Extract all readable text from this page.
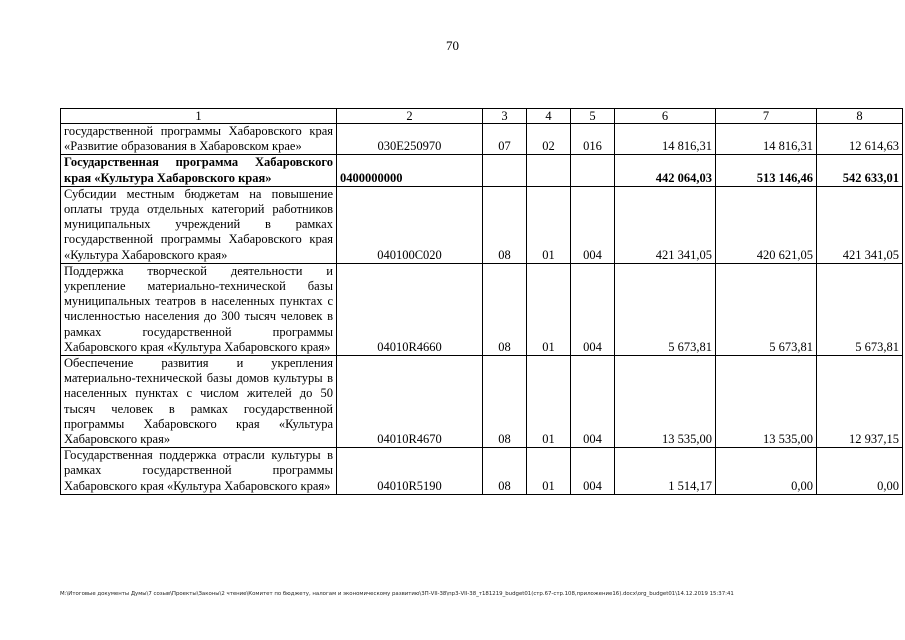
70
1	2	3	4	5	6	7	8
государственной программы Хабаровского края «Развитие образования в Хабаровском крае»	030E250970	07	02	016	14 816,31	14 816,31	12 614,63
Государственная программа Хабаровского края «Культура Хабаровского края»	0400000000				442 064,03	513 146,46	542 633,01
Субсидии местным бюджетам на повышение оплаты труда отдельных категорий работников муниципальных учреждений в рамках государственной программы Хабаровского края «Культура Хабаровского края»	040100C020	08	01	004	421 341,05	420 621,05	421 341,05
Поддержка творческой деятельности и укрепление материально-технической базы муниципальных театров в населенных пунктах с численностью населения до 300 тысяч человек в рамках государственной программы Хабаровского края «Культура Хабаровского края»	04010R4660	08	01	004	5 673,81	5 673,81	5 673,81
Обеспечение развития и укрепления материально-технической базы домов культуры в населенных пунктах с числом жителей до 50 тысяч человек в рамках государственной программы Хабаровского края «Культура Хабаровского края»	04010R4670	08	01	004	13 535,00	13 535,00	12 937,15
Государственная поддержка отрасли культуры в рамках государственной программы Хабаровского края «Культура Хабаровского края»	04010R5190	08	01	004	1 514,17	0,00	0,00
M:\Итоговые документы Думы\7 созыв\Проекты\Законы\2 чтение\Комитет по бюджету, налогам и экономическому развитию\3П-VII-38\пр3-VII-38_т181219_budget01(стр.67-стр.108,приложение16).docx\org_budget01\14.12.2019 15:37:41
